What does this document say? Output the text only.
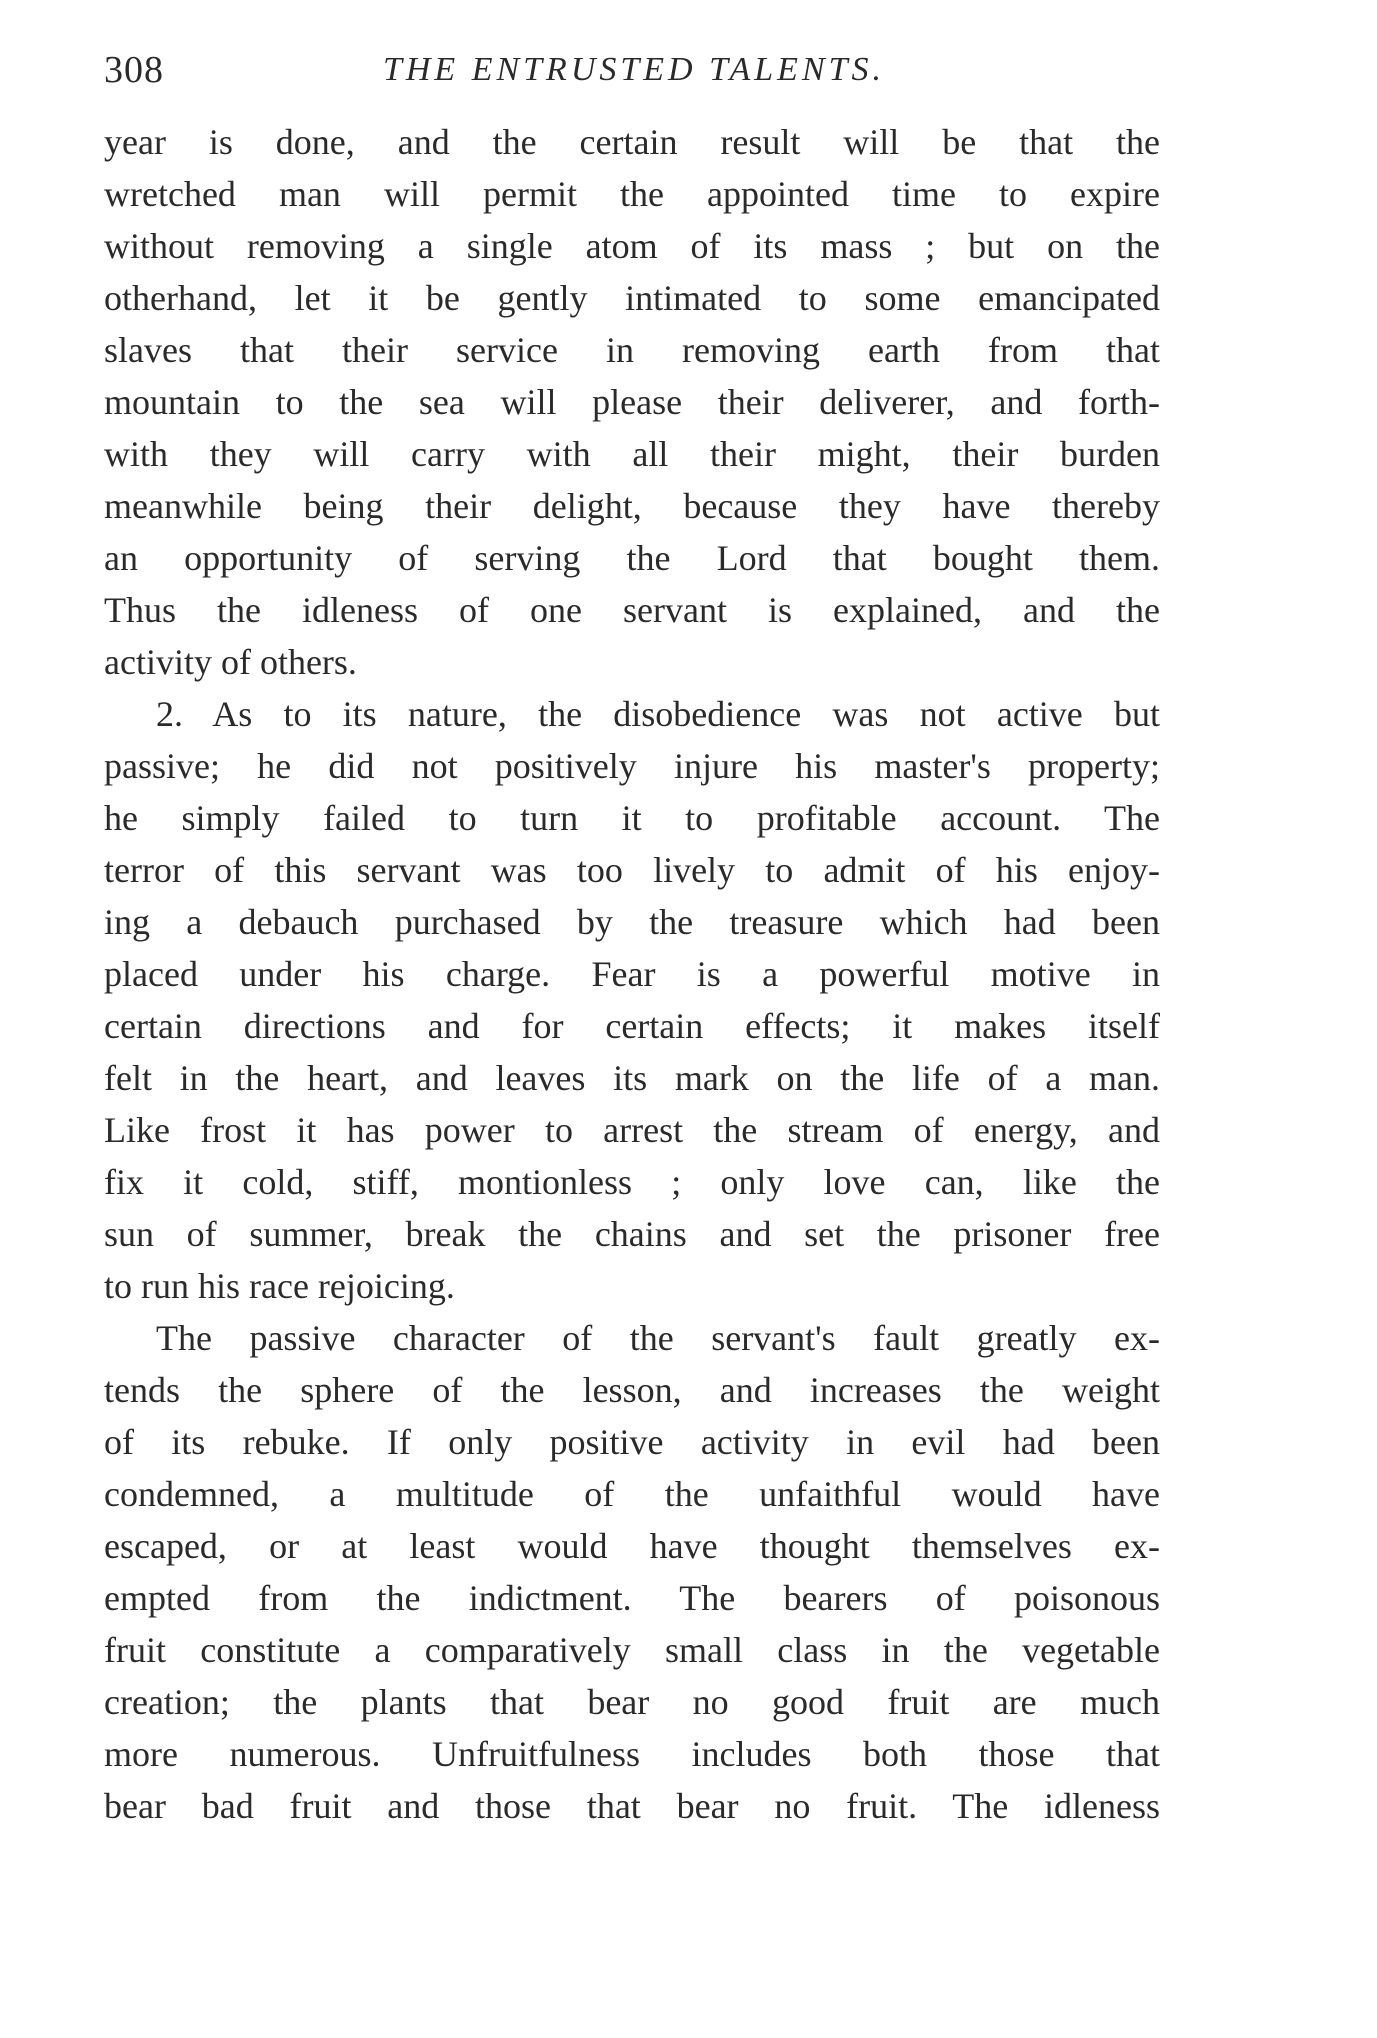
308	THE ENTRUSTED TALENTS.
year is done, and the certain result will be that the
wretched man will permit the appointed time to expire
without removing a single atom of its mass ; but on the
otherhand, let it be gently intimated to some emancipated
slaves that their service in removing earth from that
mountain to the sea will please their deliverer, and forth-
with they will carry with all their might, their burden
meanwhile being their delight, because they have thereby
an opportunity of serving the Lord that bought them.
Thus the idleness of one servant is explained, and the
activity of others.
2. As to its nature, the disobedience was not active but
passive; he did not positively injure his master's property;
he simply failed to turn it to profitable account. The
terror of this servant was too lively to admit of his enjoy-
ing a debauch purchased by the treasure which had been
placed under his charge. Fear is a powerful motive in
certain directions and for certain effects; it makes itself
felt in the heart, and leaves its mark on the life of a man.
Like frost it has power to arrest the stream of energy, and
fix it cold, stiff, montionless ; only love can, like the
sun of summer, break the chains and set the prisoner free
to run his race rejoicing.
The passive character of the servant's fault greatly ex-
tends the sphere of the lesson, and increases the weight
of its rebuke. If only positive activity in evil had been
condemned, a multitude of the unfaithful would have
escaped, or at least would have thought themselves ex-
empted from the indictment. The bearers of poisonous
fruit constitute a comparatively small class in the vegetable
creation; the plants that bear no good fruit are much
more numerous. Unfruitfulness includes both those that
bear bad fruit and those that bear no fruit. The idleness
